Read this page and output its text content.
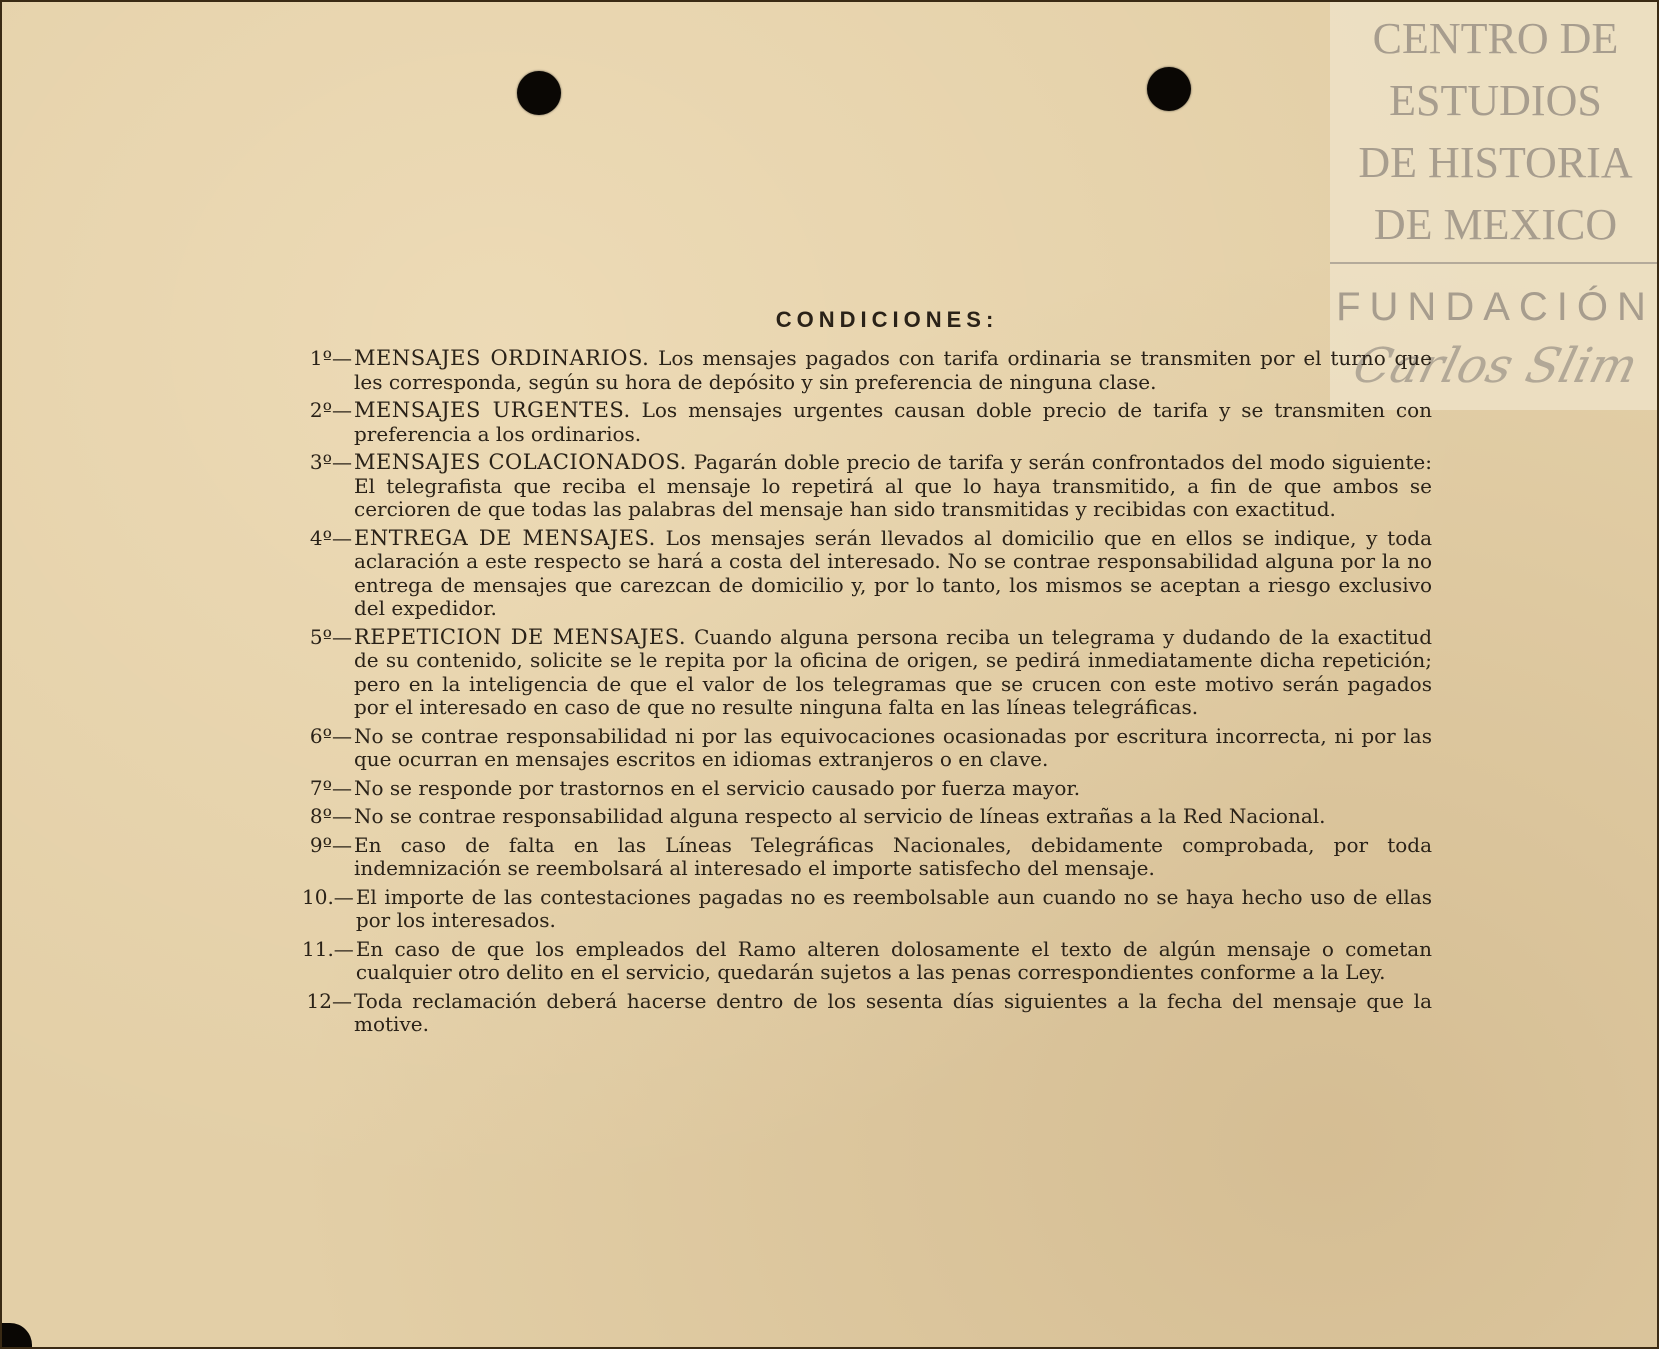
CENTRO DE
ESTUDIOS
DE HISTORIA
DE MEXICO
FUNDACIÓN
Carlos Slim
CONDICIONES:
1º— MENSAJES ORDINARIOS. Los mensajes pagados con tarifa ordinaria se transmiten por el turno que les corresponda, según su hora de depósito y sin preferencia de ninguna clase.
2º— MENSAJES URGENTES. Los mensajes urgentes causan doble precio de tarifa y se transmiten con preferencia a los ordinarios.
3º— MENSAJES COLACIONADOS. Pagarán doble precio de tarifa y serán confrontados del modo siguiente: El telegrafista que reciba el mensaje lo repetirá al que lo haya transmitido, a fin de que ambos se cercioren de que todas las palabras del mensaje han sido transmitidas y recibidas con exactitud.
4º— ENTREGA DE MENSAJES. Los mensajes serán llevados al domicilio que en ellos se indique, y toda aclaración a este respecto se hará a costa del interesado. No se contrae responsabilidad alguna por la no entrega de mensajes que carezcan de domicilio y, por lo tanto, los mismos se aceptan a riesgo exclusivo del expedidor.
5º— REPETICION DE MENSAJES. Cuando alguna persona reciba un telegrama y dudando de la exactitud de su contenido, solicite se le repita por la oficina de origen, se pedirá inmediatamente dicha repetición; pero en la inteligencia de que el valor de los telegramas que se crucen con este motivo serán pagados por el interesado en caso de que no resulte ninguna falta en las líneas telegráficas.
6º— No se contrae responsabilidad ni por las equivocaciones ocasionadas por escritura incorrecta, ni por las que ocurran en mensajes escritos en idiomas extranjeros o en clave.
7º— No se responde por trastornos en el servicio causado por fuerza mayor.
8º— No se contrae responsabilidad alguna respecto al servicio de líneas extrañas a la Red Nacional.
9º— En caso de falta en las Líneas Telegráficas Nacionales, debidamente comprobada, por toda indemnización se reembolsará al interesado el importe satisfecho del mensaje.
10.— El importe de las contestaciones pagadas no es reembolsable aun cuando no se haya hecho uso de ellas por los interesados.
11.— En caso de que los empleados del Ramo alteren dolosamente el texto de algún mensaje o cometan cualquier otro delito en el servicio, quedarán sujetos a las penas correspondientes conforme a la Ley.
12— Toda reclamación deberá hacerse dentro de los sesenta días siguientes a la fecha del mensaje que la motive.
